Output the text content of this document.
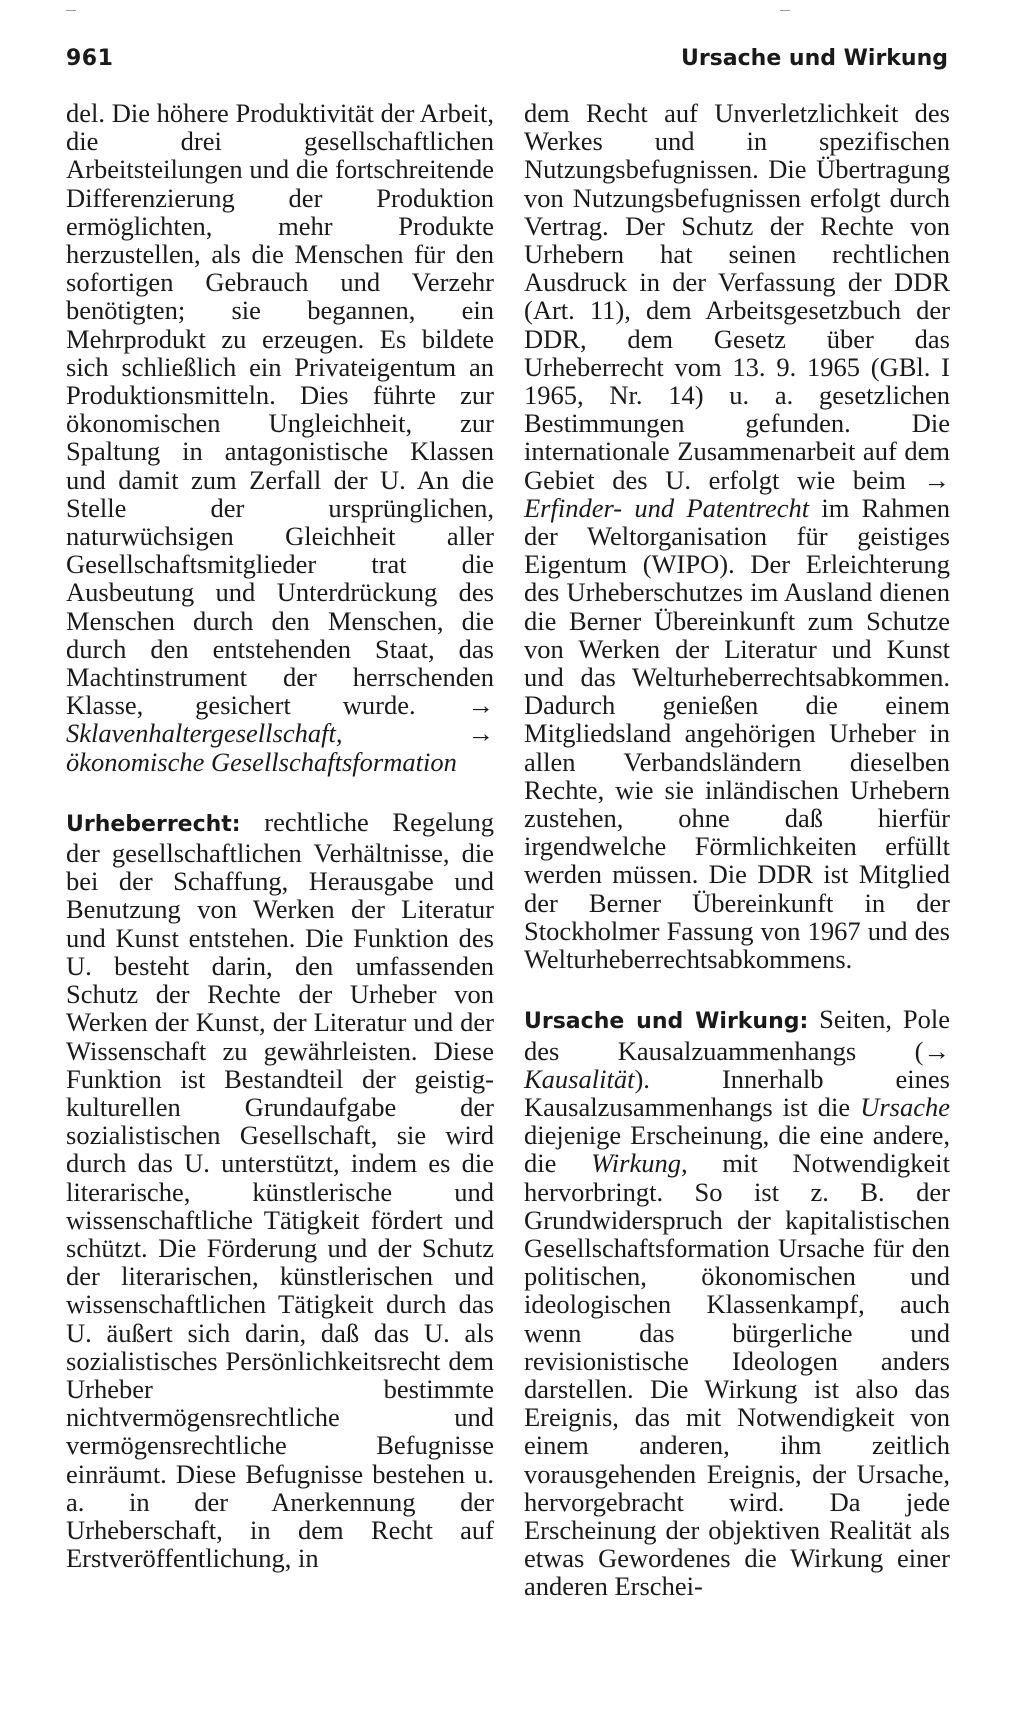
961	Ursache und Wirkung

del. Die höhere Produktivität der Arbeit, die drei gesellschaftlichen Arbeitsteilungen und die fortschreitende Differenzierung der Produktion ermöglichten, mehr Produkte herzustellen, als die Menschen für den sofortigen Gebrauch und Verzehr benötigten; sie begannen, ein Mehrprodukt zu erzeugen. Es bildete sich schließlich ein Privateigentum an Produktionsmitteln. Dies führte zur ökonomischen Ungleichheit, zur Spaltung in antagonistische Klassen und damit zum Zerfall der U. An die Stelle der ursprünglichen, naturwüchsigen Gleichheit aller Gesellschaftsmitglieder trat die Ausbeutung und Unterdrückung des Menschen durch den Menschen, die durch den entstehenden Staat, das Machtinstrument der herrschenden Klasse, gesichert wurde. → Sklavenhaltergesellschaft,	→ ökonomische Gesellschaftsformation

Urheberrecht: rechtliche Regelung der gesellschaftlichen Verhältnisse, die bei der Schaffung, Herausgabe und Benutzung von Werken der Literatur und Kunst entstehen. Die Funktion des U. besteht darin, den umfassenden Schutz der Rechte der Urheber von Werken der Kunst, der Literatur und der Wissenschaft zu gewährleisten. Diese Funktion ist Bestandteil der geistig-kulturellen Grundaufgabe der sozialistischen Gesellschaft, sie wird durch das U. unterstützt, indem es die literarische, künstlerische und wissenschaftliche Tätigkeit fördert und schützt. Die Förderung und der Schutz der literarischen, künstlerischen und wissenschaftlichen Tätigkeit durch das U. äußert sich darin, daß das U. als sozialistisches Persönlichkeitsrecht dem Urheber bestimmte nichtvermögensrechtliche und vermögensrechtliche Befugnisse einräumt. Diese Befugnisse bestehen u. a. in der Anerkennung der Urheberschaft, in dem Recht auf Erstveröffentlichung, in

dem Recht auf Unverletzlichkeit des Werkes und in spezifischen Nutzungsbefugnissen. Die Übertragung von Nutzungsbefugnissen erfolgt durch Vertrag. Der Schutz der Rechte von Urhebern hat seinen rechtlichen Ausdruck in der Verfassung der DDR (Art. 11), dem Arbeitsgesetzbuch der DDR, dem Gesetz über das Urheberrecht vom 13. 9. 1965 (GBl. I 1965, Nr. 14) u. a. gesetzlichen Bestimmungen gefunden. Die internationale Zusammenarbeit auf dem Gebiet des U. erfolgt wie beim → Erfinder- und Patentrecht im Rahmen der Weltorganisation für geistiges Eigentum (WIPO). Der Erleichterung des Urheberschutzes im Ausland dienen die Berner Übereinkunft zum Schutze von Werken der Literatur und Kunst und das Welturheberrechtsabkommen. Dadurch genießen die einem Mitgliedsland angehörigen Urheber in allen Verbandsländern dieselben Rechte, wie sie inländischen Urhebern zustehen, ohne daß hierfür irgendwelche Förmlichkeiten erfüllt werden müssen. Die DDR ist Mitglied der Berner Übereinkunft in der Stockholmer Fassung von 1967 und des Welturheberrechtsabkommens.

Ursache und Wirkung: Seiten, Pole des Kausalzuammenhangs (→ Kausalität). Innerhalb eines Kausalzusammenhangs ist die Ursache diejenige Erscheinung, die eine andere, die Wirkung, mit Notwendigkeit hervorbringt. So ist z. B. der Grundwiderspruch der kapitalistischen Gesellschaftsformation Ursache für den politischen, ökonomischen und ideologischen Klassenkampf, auch wenn das bürgerliche und revisionistische Ideologen anders darstellen. Die Wirkung ist also das Ereignis, das mit Notwendigkeit von einem anderen, ihm zeitlich vorausgehenden Ereignis, der Ursache, hervorgebracht wird. Da jede Erscheinung der objektiven Realität als etwas Gewordenes die Wirkung einer anderen Erschei-
